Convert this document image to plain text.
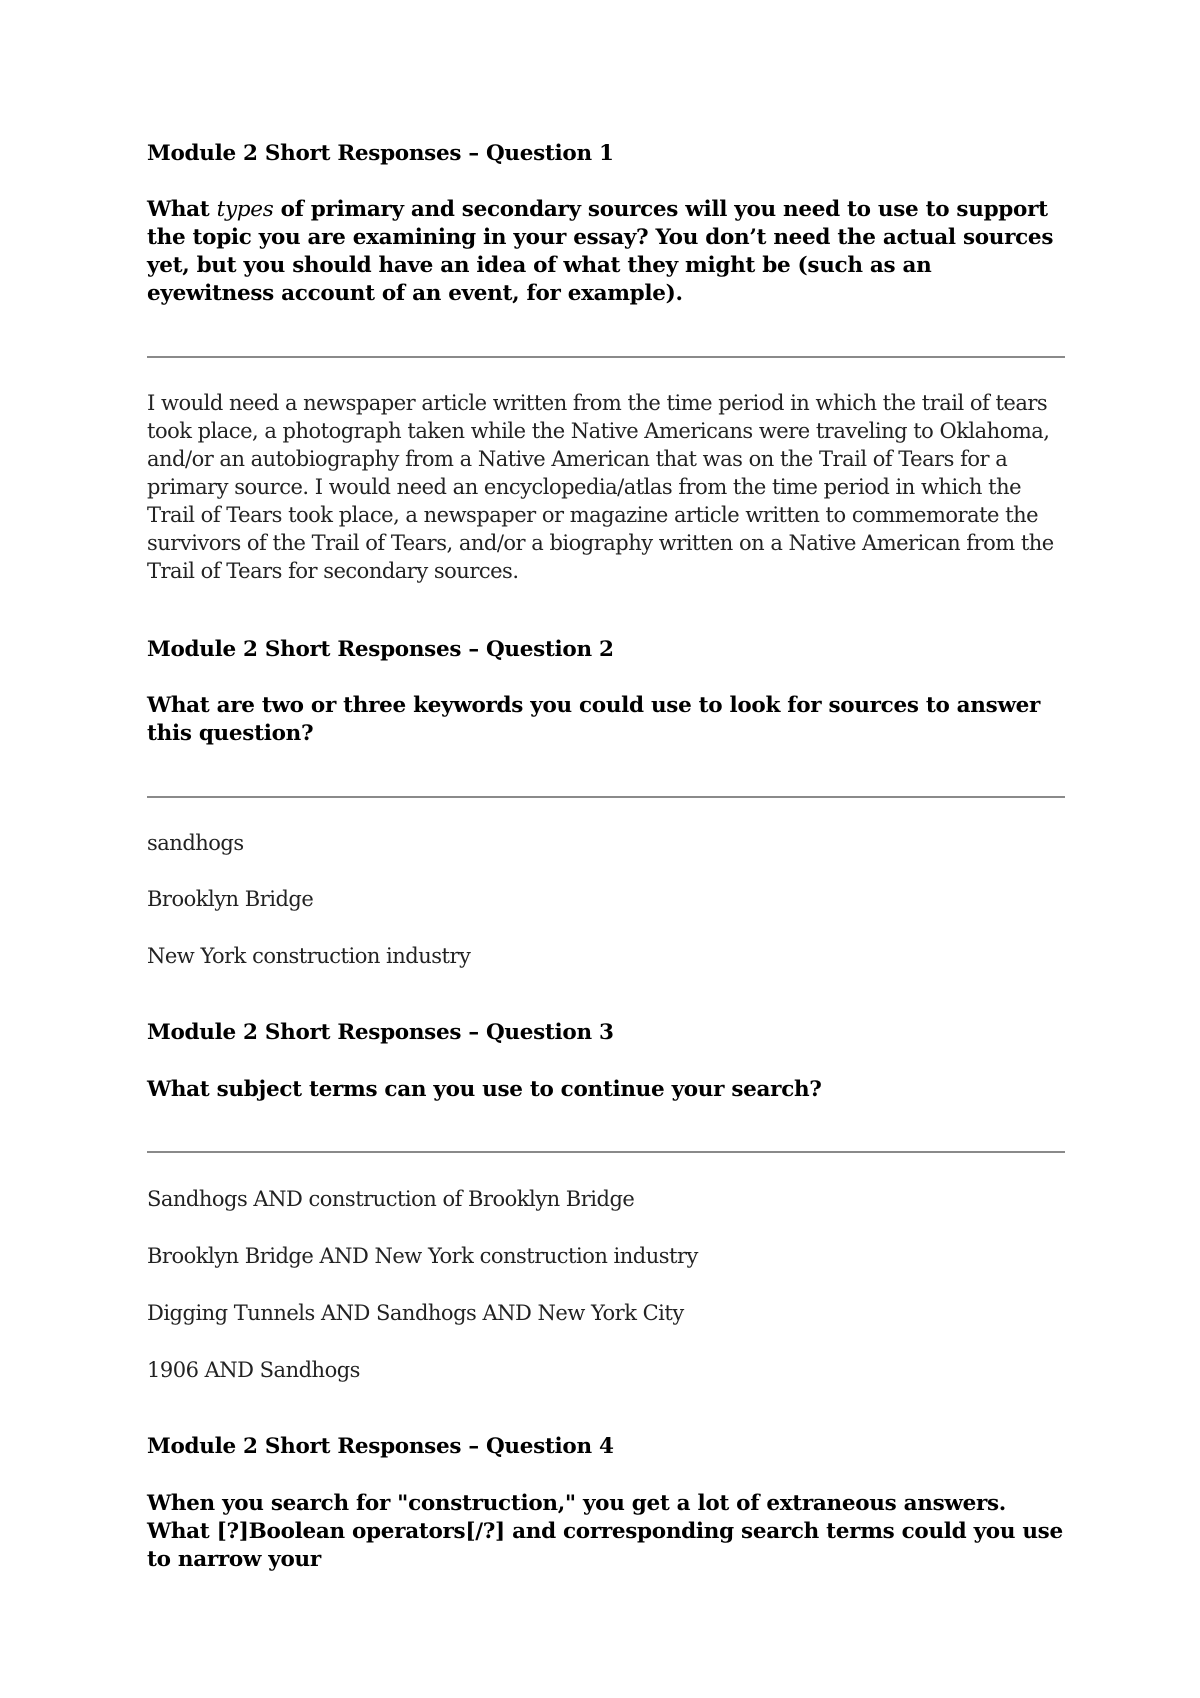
Module 2 Short Responses – Question 1

What types of primary and secondary sources will you need to use to support the topic you are examining in your essay? You don’t need the actual sources yet, but you should have an idea of what they might be (such as an eyewitness account of an event, for example).

I would need a newspaper article written from the time period in which the trail of tears took place, a photograph taken while the Native Americans were traveling to Oklahoma, and/or an autobiography from a Native American that was on the Trail of Tears for a primary source. I would need an encyclopedia/atlas from the time period in which the Trail of Tears took place, a newspaper or magazine article written to commemorate the survivors of the Trail of Tears, and/or a biography written on a Native American from the Trail of Tears for secondary sources.

Module 2 Short Responses – Question 2

What are two or three keywords you could use to look for sources to answer this question?

sandhogs

Brooklyn Bridge

New York construction industry

Module 2 Short Responses – Question 3

What subject terms can you use to continue your search?

Sandhogs AND construction of Brooklyn Bridge

Brooklyn Bridge AND New York construction industry

Digging Tunnels AND Sandhogs AND New York City

1906 AND Sandhogs

Module 2 Short Responses – Question 4

When you search for "construction," you get a lot of extraneous answers. What [?]Boolean operators[/?] and corresponding search terms could you use to narrow your
